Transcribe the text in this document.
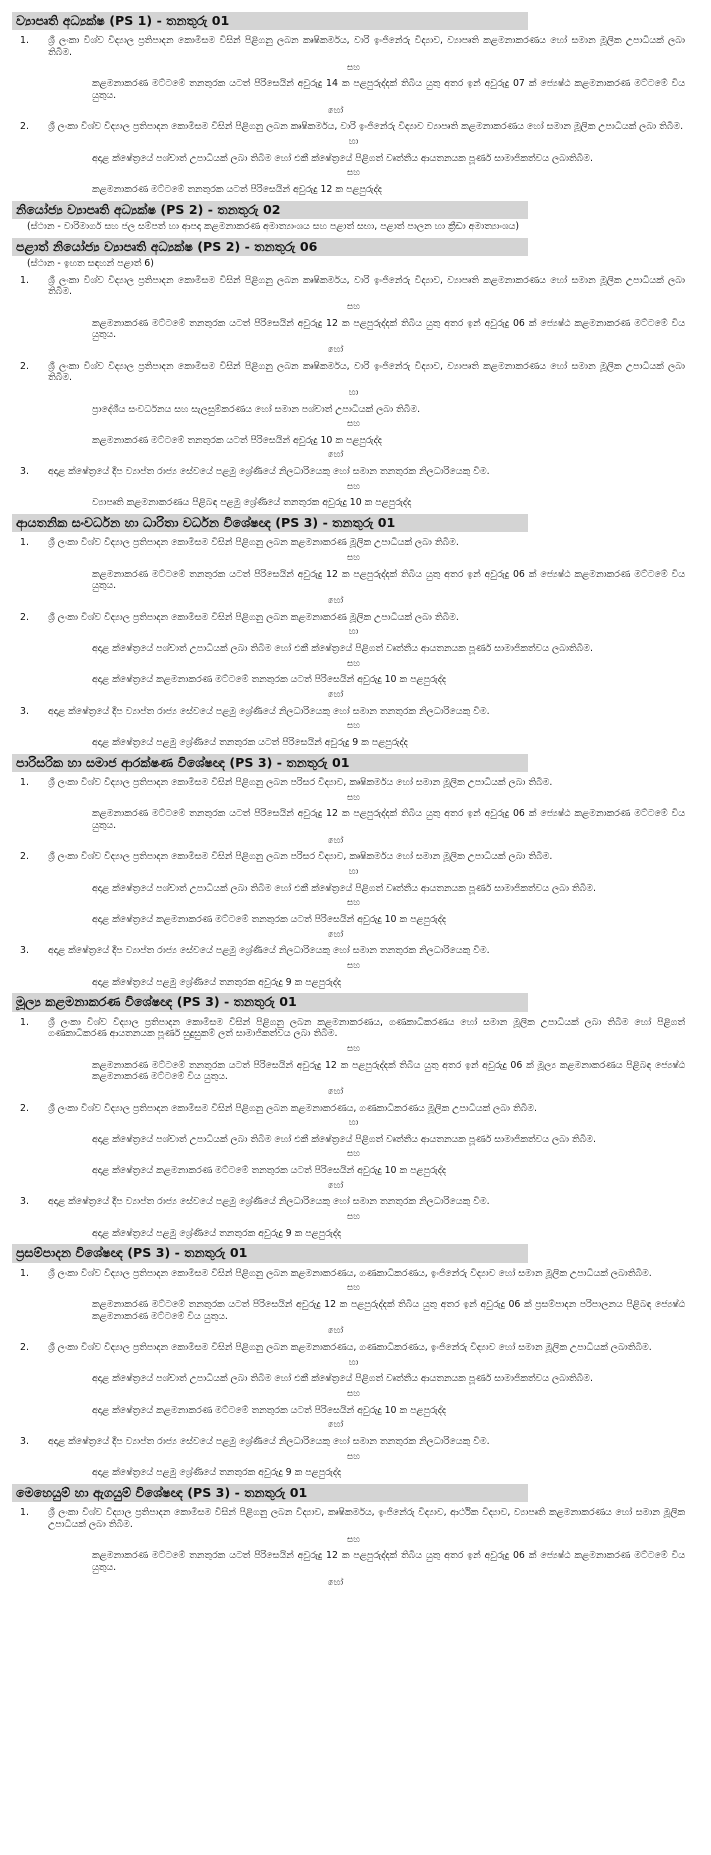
ව්‍යාපෘති අධ්‍යක්ෂ (PS 1) - තනතුරු 01
1.	ශ්‍රී ලංකා විශ්ව විද්‍යාල ප්‍රතිපාදන කොමිසම විසින් පිළිගනු ලබන කෘෂිකර්මය, වාරි ඉංජිනේරු විද්‍යාව, ව්‍යාපෘති කළමනාකරණය හෝ සමාන මූලික උපාධියක් ලබා තිබීම.
සහ
කළමනාකරණ මට්ටමේ තනතුරක යටත් පිරිසෙයින් අවුරුදු 14 ක පළපුරුද්දක් තිබිය යුතු අතර ඉන් අවුරුදු 07 ක් ජ්‍යෙෂ්ඨ කළමනාකරණ මට්ටමේ විය යුතුය.
හෝ
2.	ශ්‍රී ලංකා විශ්ව විද්‍යාල ප්‍රතිපාදන කොමිසම විසින් පිළිගනු ලබන කෘෂිකර්මය, වාරි ඉංජිනේරු විද්‍යාව ව්‍යාපෘති කළමනාකරණය හෝ සමාන මූලික උපාධියක් ලබා තිබීම.
හා
අදාළ ක්ෂේත්‍රයේ පශ්චාත් උපාධියක් ලබා තිබීම හෝ එකී ක්ෂේත්‍රයේ පිළිගත් වෘත්තීය ආයතනයක පූර්ණ සාමාජිකත්වය ලබාතිබීම.
සහ
කළමනාකරණ මට්ටමේ තනතුරක යටත් පිරිසෙයින් අවුරුදු 12 ක පළපුරුද්ද
නියෝජ්‍ය ව්‍යාපෘති අධ්‍යක්ෂ (PS 2) - තනතුරු 02
(ස්ථාන - වාරිමාර්ග සහ ජල සම්පත් හා ආපදා කළමනාකරණ අමාත්‍යාංශය සහ පළාත් සභා, පළාත් පාලන හා ක්‍රීඩා අමාත්‍යාංශය)
පළාත් නියෝජ්‍ය ව්‍යාපෘති අධ්‍යක්ෂ (PS 2) - තනතුරු 06
(ස්ථාන - ඉහත සඳහන් පළාත් 6)
1.	ශ්‍රී ලංකා විශ්ව විද්‍යාල ප්‍රතිපාදන කොමිසම විසින් පිළිගනු ලබන කෘෂිකර්මය, වාරි ඉංජිනේරු විද්‍යාව, ව්‍යාපෘති කළමනාකරණය හෝ සමාන මූලික උපාධියක් ලබා තිබීම.
සහ
කළමනාකරණ මට්ටමේ තනතුරක යටත් පිරිසෙයින් අවුරුදු 12 ක පළපුරුද්දක් තිබිය යුතු අතර ඉන් අවුරුදු 06 ක් ජ්‍යෙෂ්ඨ කළමනාකරණ මට්ටමේ විය යුතුය.
හෝ
2.	ශ්‍රී ලංකා විශ්ව විද්‍යාල ප්‍රතිපාදන කොමිසම විසින් පිළිගනු ලබන කෘෂිකර්මය, වාරි ඉංජිනේරු විද්‍යාව, ව්‍යාපෘති කළමනාකරණය හෝ සමාන මූලික උපාධියක් ලබා තිබීම.
හා
ප්‍රාදේශීය සංවර්ධනය සහ සැලසුම්කරණය හෝ සමාන පශ්චාත් උපාධියක් ලබා තිබීම.
සහ
කළමනාකරණ මට්ටමේ තනතුරක යටත් පිරිසෙයින් අවුරුදු 10 ක පළපුරුද්ද
හෝ
3.	අදාළ ක්ෂේත්‍රයේ දීප ව්‍යාප්ත රාජ්‍ය සේවයේ පළමු ශ්‍රේණියේ නිලධාරියෙකු හෝ සමාන තනතුරක නිලධාරියෙකු වීම.
සහ
ව්‍යාපෘති කළමනාකරණය පිළිබඳ පළමු ශ්‍රේණියේ තනතුරක අවුරුදු 10 ක පළපුරුද්ද
ආයතනික සංවර්ධන හා ධාරිතා වර්ධන විශේෂඥ (PS 3) - තනතුරු 01
1.	ශ්‍රී ලංකා විශ්ව විද්‍යාල ප්‍රතිපාදන කොමිසම විසින් පිළිගනු ලබන කළමනාකරණ මූලික උපාධියක් ලබා තිබීම.
සහ
කළමනාකරණ මට්ටමේ තනතුරක යටත් පිරිසෙයින් අවුරුදු 12 ක පළපුරුද්දක් තිබිය යුතු අතර ඉන් අවුරුදු 06 ක් ජ්‍යෙෂ්ඨ කළමනාකරණ මට්ටමේ විය යුතුය.
හෝ
2.	ශ්‍රී ලංකා විශ්ව විද්‍යාල ප්‍රතිපාදන කොමිසම විසින් පිළිගනු ලබන කළමනාකරණ මූලික උපාධියක් ලබා තිබීම.
හා
අදාළ ක්ෂේත්‍රයේ පශ්චාත් උපාධියක් ලබා තිබීම හෝ එකී ක්ෂේත්‍රයේ පිළිගත් වෘත්තීය ආයතනයක පූර්ණ සාමාජිකත්වය ලබාතිබීම.
සහ
අදාළ ක්ෂේත්‍රයේ කළමනාකරණ මට්ටමේ තනතුරක යටත් පිරිසෙයින් අවුරුදු 10 ක පළපුරුද්ද
හෝ
3.	අදාළ ක්ෂේත්‍රයේ දීප ව්‍යාප්ත රාජ්‍ය සේවයේ පළමු ශ්‍රේණියේ නිලධාරියෙකු හෝ සමාන තනතුරක නිලධාරියෙකු වීම.
සහ
අදාළ ක්ෂේත්‍රයේ පළමු ශ්‍රේණියේ තනතුරක යටත් පිරිසෙයින් අවුරුදු 9 ක පළපුරුද්ද
පාරිසරික හා සමාජ ආරක්ෂණ විශේෂඥ (PS 3) - තනතුරු 01
1.	ශ්‍රී ලංකා විශ්ව විද්‍යාල ප්‍රතිපාදන කොමිසම විසින් පිළිගනු ලබන පරිසර විද්‍යාව, කෘෂිකර්මය හෝ සමාන මූලික උපාධියක් ලබා තිබීම.
සහ
කළමනාකරණ මට්ටමේ තනතුරක යටත් පිරිසෙයින් අවුරුදු 12 ක පළපුරුද්දක් තිබිය යුතු අතර ඉන් අවුරුදු 06 ක් ජ්‍යෙෂ්ඨ කළමනාකරණ මට්ටමේ විය යුතුය.
හෝ
2.	ශ්‍රී ලංකා විශ්ව විද්‍යාල ප්‍රතිපාදන කොමිසම විසින් පිළිගනු ලබන පරිසර විද්‍යාව, කෘෂිකර්මය හෝ සමාන මූලික උපාධියක් ලබා තිබීම.
හා
අදාළ ක්ෂේත්‍රයේ පශ්චාත් උපාධියක් ලබා තිබීම හෝ එකී ක්ෂේත්‍රයේ පිළිගත් වෘත්තීය ආයතනයක පූර්ණ සාමාජිකත්වය ලබා තිබීම.
සහ
අදාළ ක්ෂේත්‍රයේ කළමනාකරණ මට්ටමේ තනතුරක යටත් පිරිසෙයින් අවුරුදු 10 ක පළපුරුද්ද
හෝ
3.	අදාළ ක්ෂේත්‍රයේ දීප ව්‍යාප්ත රාජ්‍ය සේවයේ පළමු ශ්‍රේණියේ නිලධාරියෙකු හෝ සමාන තනතුරක නිලධාරියෙකු වීම.
සහ
අදාළ ක්ෂේත්‍රයේ පළමු ශ්‍රේණියේ තනතුරක අවුරුදු 9 ක පළපුරුද්ද
මූල්‍ය කළමනාකරණ විශේෂඥ (PS 3) - තනතුරු 01
1.	ශ්‍රී ලංකා විශ්ව විද්‍යාල ප්‍රතිපාදන කොමිසම විසින් පිළිගනු ලබන කළමනාකරණය, ගණකාධිකරණය හෝ සමාන මූලික උපාධියක් ලබා තිබීම හෝ පිළිගත් ගණකාධිකරණ ආයතනයක පූර්ණ සුදුසුකම් ලත් සාමාජිකත්වය ලබා තිබීම.
සහ
කළමනාකරණ මට්ටමේ තනතුරක යටත් පිරිසෙයින් අවුරුදු 12 ක පළපුරුද්දක් තිබිය යුතු අතර ඉන් අවුරුදු 06 ක් මූල්‍ය කළමනාකරණය පිළිබඳ ජ්‍යෙෂ්ඨ කළමනාකරණ මට්ටමේ විය යුතුය.
හෝ
2.	ශ්‍රී ලංකා විශ්ව විද්‍යාල ප්‍රතිපාදන කොමිසම විසින් පිළිගනු ලබන කළමනාකරණය, ගණකාධිකරණය මූලික උපාධියක් ලබා තිබීම.
හා
අදාළ ක්ෂේත්‍රයේ පශ්චාත් උපාධියක් ලබා තිබීම හෝ එකී ක්ෂේත්‍රයේ පිළිගත් වෘත්තීය ආයතනයක පූර්ණ සාමාජිකත්වය ලබා තිබීම.
සහ
අදාළ ක්ෂේත්‍රයේ කළමනාකරණ මට්ටමේ තනතුරක යටත් පිරිසෙයින් අවුරුදු 10 ක පළපුරුද්ද
හෝ
3.	අදාළ ක්ෂේත්‍රයේ දීප ව්‍යාප්ත රාජ්‍ය සේවයේ පළමු ශ්‍රේණියේ නිලධාරියෙකු හෝ සමාන තනතුරක නිලධාරියෙකු වීම.
සහ
අදාළ ක්ෂේත්‍රයේ පළමු ශ්‍රේණියේ තනතුරක අවුරුදු 9 ක පළපුරුද්ද
ප්‍රසම්පාදන විශේෂඥ (PS 3) - තනතුරු 01
1.	ශ්‍රී ලංකා විශ්ව විද්‍යාල ප්‍රතිපාදන කොමිසම විසින් පිළිගනු ලබන කළමනාකරණය, ගණකාධිකරණය, ඉංජිනේරු විද්‍යාව හෝ සමාන මූලික උපාධියක් ලබාතිබීම.
සහ
කළමනාකරණ මට්ටමේ තනතුරක යටත් පිරිසෙයින් අවුරුදු 12 ක පළපුරුද්දක් තිබිය යුතු අතර ඉන් අවුරුදු 06 ක් ප්‍රසම්පාදන පරිපාලනය පිළිබඳ ජ්‍යෙෂ්ඨ කළමනාකරණ මට්ටමේ විය යුතුය.
හෝ
2.	ශ්‍රී ලංකා විශ්ව විද්‍යාල ප්‍රතිපාදන කොමිසම විසින් පිළිගනු ලබන කළමනාකරණය, ගණකාධිකරණය, ඉංජිනේරු විද්‍යාව හෝ සමාන මූලික උපාධියක් ලබාතිබීම.
හා
අදාළ ක්ෂේත්‍රයේ පශ්චාත් උපාධියක් ලබා තිබීම හෝ එකී ක්ෂේත්‍රයේ පිළිගත් වෘත්තීය ආයතනයක පූර්ණ සාමාජිකත්වය ලබාතිබීම.
සහ
අදාළ ක්ෂේත්‍රයේ කළමනාකරණ මට්ටමේ තනතුරක යටත් පිරිසෙයින් අවුරුදු 10 ක පළපුරුද්ද
හෝ
3.	අදාළ ක්ෂේත්‍රයේ දීප ව්‍යාප්ත රාජ්‍ය සේවයේ පළමු ශ්‍රේණියේ නිලධාරියෙකු හෝ සමාන තනතුරක නිලධාරියෙකු වීම.
සහ
අදාළ ක්ෂේත්‍රයේ පළමු ශ්‍රේණියේ තනතුරක අවුරුදු 9 ක පළපුරුද්ද
මෙහෙයුම් හා ඇගයුම් විශේෂඥ (PS 3) - තනතුරු 01
1.	ශ්‍රී ලංකා විශ්ව විද්‍යාල ප්‍රතිපාදන කොමිසම විසින් පිළිගනු ලබන විද්‍යාව, කෘෂිකර්මය, ඉංජිනේරු විද්‍යාව, ආර්ථික විද්‍යාව, ව්‍යාපෘති කළමනාකරණය හෝ සමාන මූලික උපාධියක් ලබා තිබීම.
සහ
කළමනාකරණ මට්ටමේ තනතුරක යටත් පිරිසෙයින් අවුරුදු 12 ක පළපුරුද්දක් තිබිය යුතු අතර ඉන් අවුරුදු 06 ක් ජ්‍යෙෂ්ඨ කළමනාකරණ මට්ටමේ විය යුතුය.
හෝ
